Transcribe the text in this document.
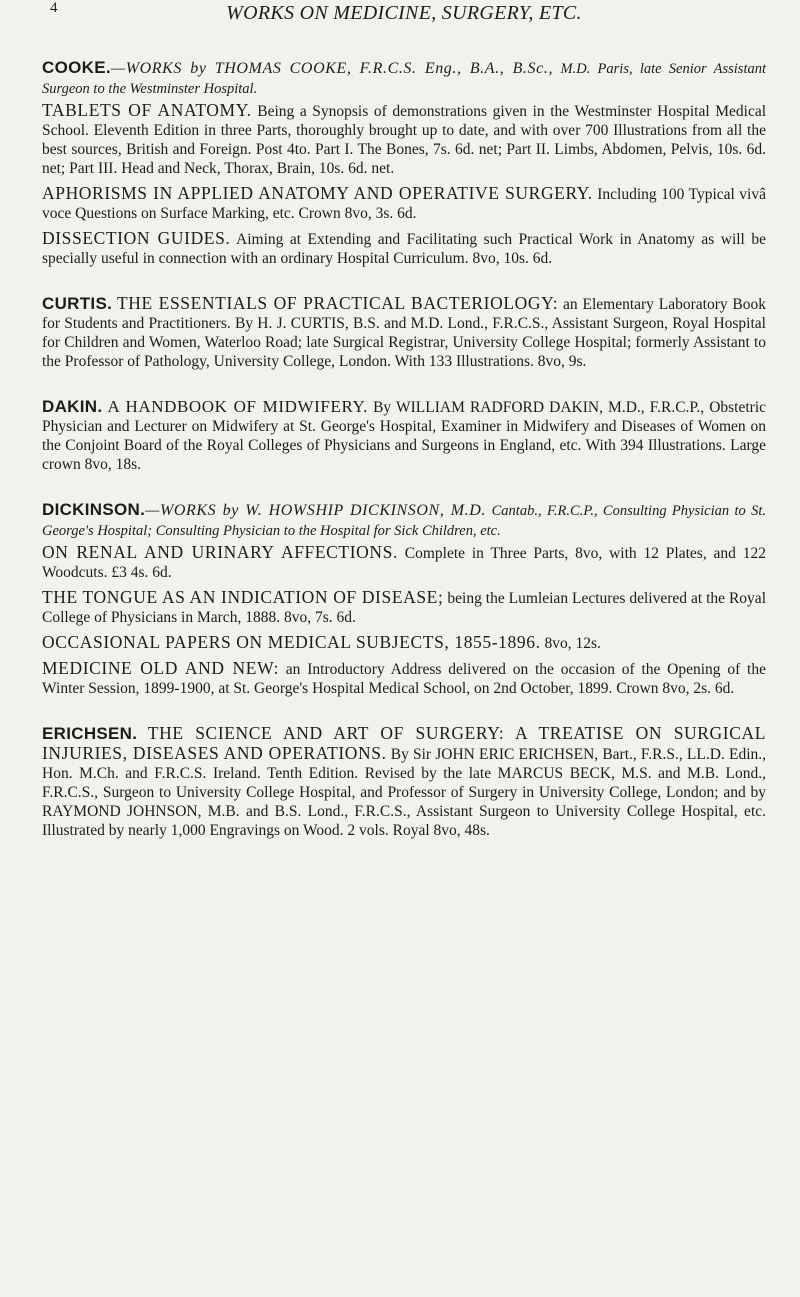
4	WORKS ON MEDICINE, SURGERY, ETC.
COOKE.—WORKS by THOMAS COOKE, F.R.C.S. Eng., B.A., B.Sc., M.D. Paris, late Senior Assistant Surgeon to the Westminster Hospital.
TABLETS OF ANATOMY. Being a Synopsis of demonstrations given in the Westminster Hospital Medical School. Eleventh Edition in three Parts, thoroughly brought up to date, and with over 700 Illustrations from all the best sources, British and Foreign. Post 4to. Part I. The Bones, 7s. 6d. net; Part II. Limbs, Abdomen, Pelvis, 10s. 6d. net; Part III. Head and Neck, Thorax, Brain, 10s. 6d. net.
APHORISMS IN APPLIED ANATOMY AND OPERATIVE SURGERY. Including 100 Typical vivâ voce Questions on Surface Marking, etc. Crown 8vo, 3s. 6d.
DISSECTION GUIDES. Aiming at Extending and Facilitating such Practical Work in Anatomy as will be specially useful in connection with an ordinary Hospital Curriculum. 8vo, 10s. 6d.
CURTIS. THE ESSENTIALS OF PRACTICAL BACTERIOLOGY: an Elementary Laboratory Book for Students and Practitioners. By H. J. CURTIS, B.S. and M.D. Lond., F.R.C.S., Assistant Surgeon, Royal Hospital for Children and Women, Waterloo Road; late Surgical Registrar, University College Hospital; formerly Assistant to the Professor of Pathology, University College, London. With 133 Illustrations. 8vo, 9s.
DAKIN. A HANDBOOK OF MIDWIFERY. By WILLIAM RADFORD DAKIN, M.D., F.R.C.P., Obstetric Physician and Lecturer on Midwifery at St. George's Hospital, Examiner in Midwifery and Diseases of Women on the Conjoint Board of the Royal Colleges of Physicians and Surgeons in England, etc. With 394 Illustrations. Large crown 8vo, 18s.
DICKINSON.—WORKS by W. HOWSHIP DICKINSON, M.D. Cantab., F.R.C.P., Consulting Physician to St. George's Hospital; Consulting Physician to the Hospital for Sick Children, etc.
ON RENAL AND URINARY AFFECTIONS. Complete in Three Parts, 8vo, with 12 Plates, and 122 Woodcuts. £3 4s. 6d.
THE TONGUE AS AN INDICATION OF DISEASE; being the Lumleian Lectures delivered at the Royal College of Physicians in March, 1888. 8vo, 7s. 6d.
OCCASIONAL PAPERS ON MEDICAL SUBJECTS, 1855-1896. 8vo, 12s.
MEDICINE OLD AND NEW: an Introductory Address delivered on the occasion of the Opening of the Winter Session, 1899-1900, at St. George's Hospital Medical School, on 2nd October, 1899. Crown 8vo, 2s. 6d.
ERICHSEN. THE SCIENCE AND ART OF SURGERY: A TREATISE ON SURGICAL INJURIES, DISEASES AND OPERATIONS. By Sir JOHN ERIC ERICHSEN, Bart., F.R.S., LL.D. Edin., Hon. M.Ch. and F.R.C.S. Ireland. Tenth Edition. Revised by the late MARCUS BECK, M.S. and M.B. Lond., F.R.C.S., Surgeon to University College Hospital, and Professor of Surgery in University College, London; and by RAYMOND JOHNSON, M.B. and B.S. Lond., F.R.C.S., Assistant Surgeon to University College Hospital, etc. Illustrated by nearly 1,000 Engravings on Wood. 2 vols. Royal 8vo, 48s.
